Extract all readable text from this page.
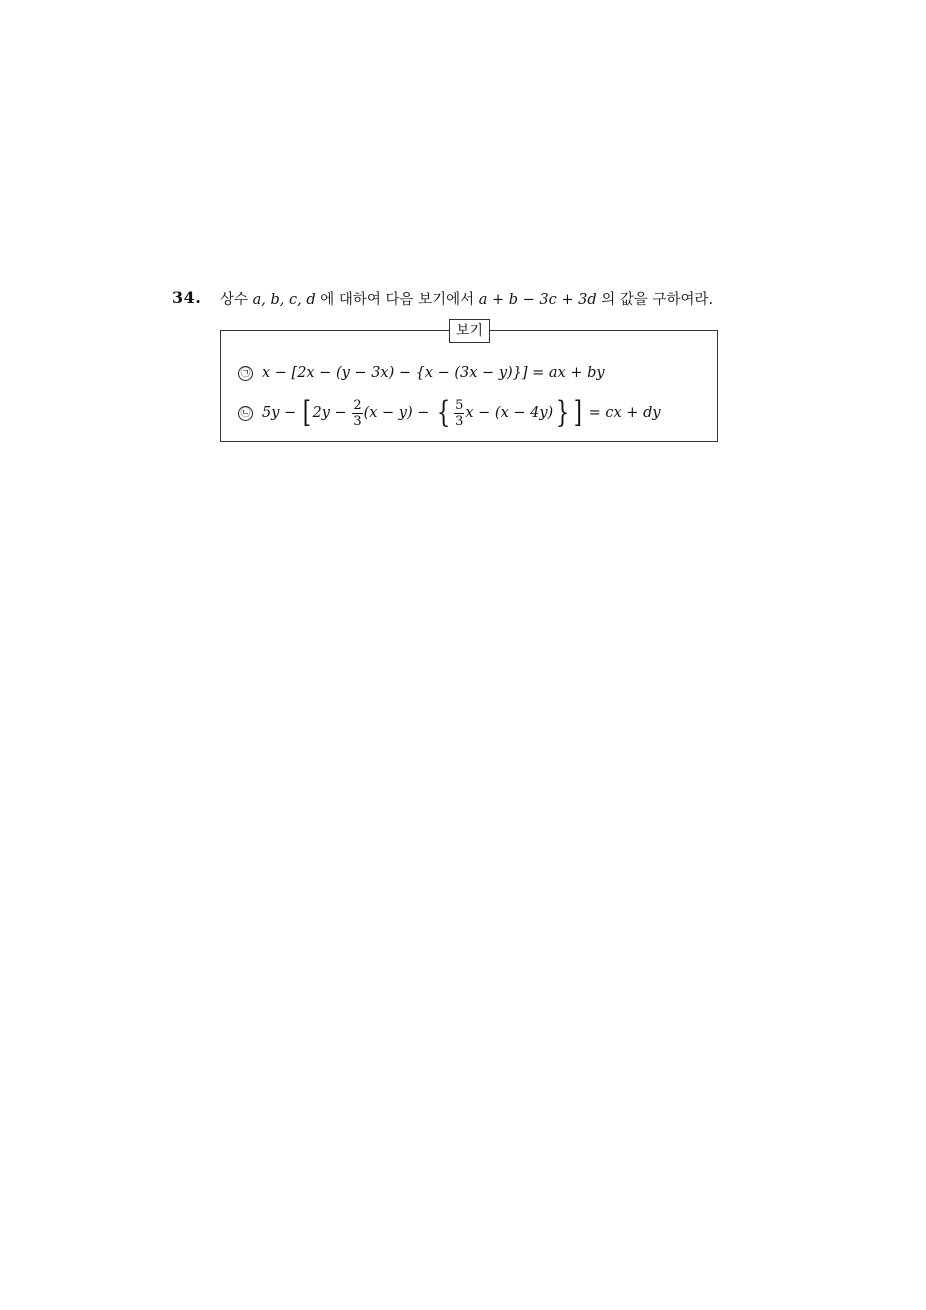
34. 상수 a, b, c, d 에 대하여 다음 보기에서 a + b − 3c + 3d 의 값을 구하여라.
보기
㉠ x − [2x − (y − 3x) − {x − (3x − y)}] = ax + by
㉡ 5y −
[ 2y −
$\frac{2}{3} (x - y)$ −
{ $\frac{5}{3}$ x − (x − 4y) } ]
= cx + dy
